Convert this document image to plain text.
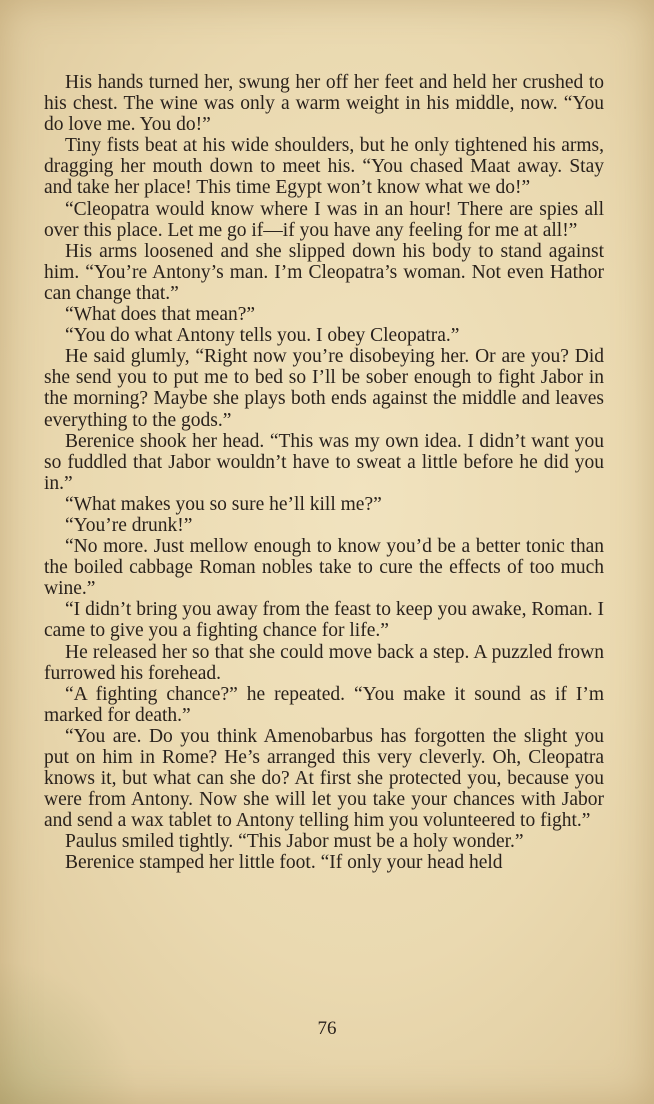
His hands turned her, swung her off her feet and held her crushed to his chest. The wine was only a warm weight in his middle, now. “You do love me. You do!”

Tiny fists beat at his wide shoulders, but he only tightened his arms, dragging her mouth down to meet his. “You chased Maat away. Stay and take her place! This time Egypt won’t know what we do!”

“Cleopatra would know where I was in an hour! There are spies all over this place. Let me go if—if you have any feeling for me at all!”

His arms loosened and she slipped down his body to stand against him. “You’re Antony’s man. I’m Cleopatra’s woman. Not even Hathor can change that.”

“What does that mean?”

“You do what Antony tells you. I obey Cleopatra.”

He said glumly, “Right now you’re disobeying her. Or are you? Did she send you to put me to bed so I’ll be sober enough to fight Jabor in the morning? Maybe she plays both ends against the middle and leaves everything to the gods.”

Berenice shook her head. “This was my own idea. I didn’t want you so fuddled that Jabor wouldn’t have to sweat a little before he did you in.”

“What makes you so sure he’ll kill me?”

“You’re drunk!”

“No more. Just mellow enough to know you’d be a better tonic than the boiled cabbage Roman nobles take to cure the effects of too much wine.”

“I didn’t bring you away from the feast to keep you awake, Roman. I came to give you a fighting chance for life.”

He released her so that she could move back a step. A puzzled frown furrowed his forehead.

“A fighting chance?” he repeated. “You make it sound as if I’m marked for death.”

“You are. Do you think Amenobarbus has forgotten the slight you put on him in Rome? He’s arranged this very cleverly. Oh, Cleopatra knows it, but what can she do? At first she protected you, because you were from Antony. Now she will let you take your chances with Jabor and send a wax tablet to Antony telling him you volunteered to fight.”

Paulus smiled tightly. “This Jabor must be a holy wonder.”

Berenice stamped her little foot. “If only your head held

76
